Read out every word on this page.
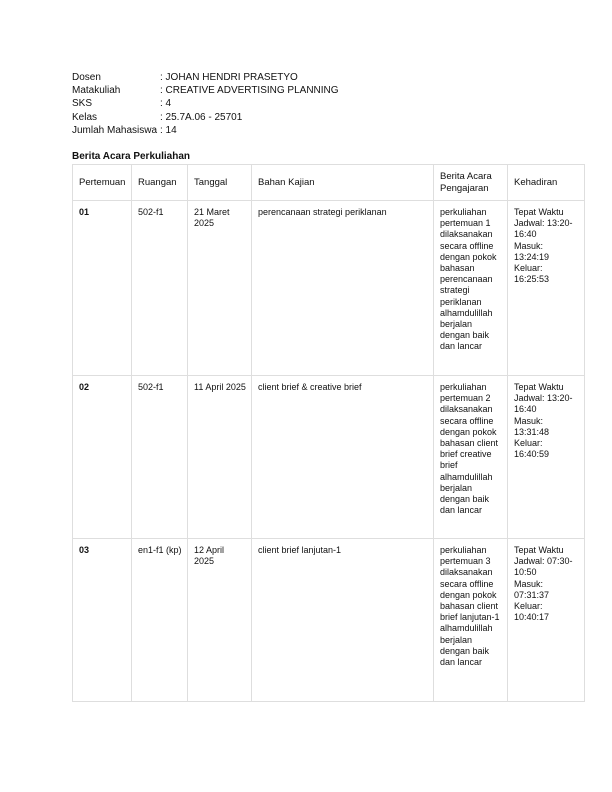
Dosen	: JOHAN HENDRI PRASETYO
Matakuliah	: CREATIVE ADVERTISING PLANNING
SKS	: 4
Kelas	: 25.7A.06 - 25701
Jumlah Mahasiswa : 14
Berita Acara Perkuliahan
Pertemuan	Ruangan	Tanggal	Bahan Kajian	Berita Acara Pengajaran	Kehadiran
01	502-f1	21 Maret 2025	perencanaan strategi periklanan	perkuliahan pertemuan 1 dilaksanakan secara offline dengan pokok bahasan perencanaan strategi periklanan alhamdulillah berjalan dengan baik dan lancar	Tepat Waktu
Jadwal: 13:20-16:40
Masuk: 13:24:19
Keluar: 16:25:53

02	502-f1	11 April 2025	client brief & creative brief	perkuliahan pertemuan 2 dilaksanakan secara offline dengan pokok bahasan client brief creative brief alhamdulillah berjalan dengan baik dan lancar	Tepat Waktu
Jadwal: 13:20-16:40
Masuk: 13:31:48
Keluar: 16:40:59

03	en1-f1 (kp)	12 April 2025	client brief lanjutan-1	perkuliahan pertemuan 3 dilaksanakan secara offline dengan pokok bahasan client brief lanjutan-1 alhamdulillah berjalan dengan baik dan lancar	Tepat Waktu
Jadwal: 07:30-10:50
Masuk: 07:31:37
Keluar: 10:40:17
